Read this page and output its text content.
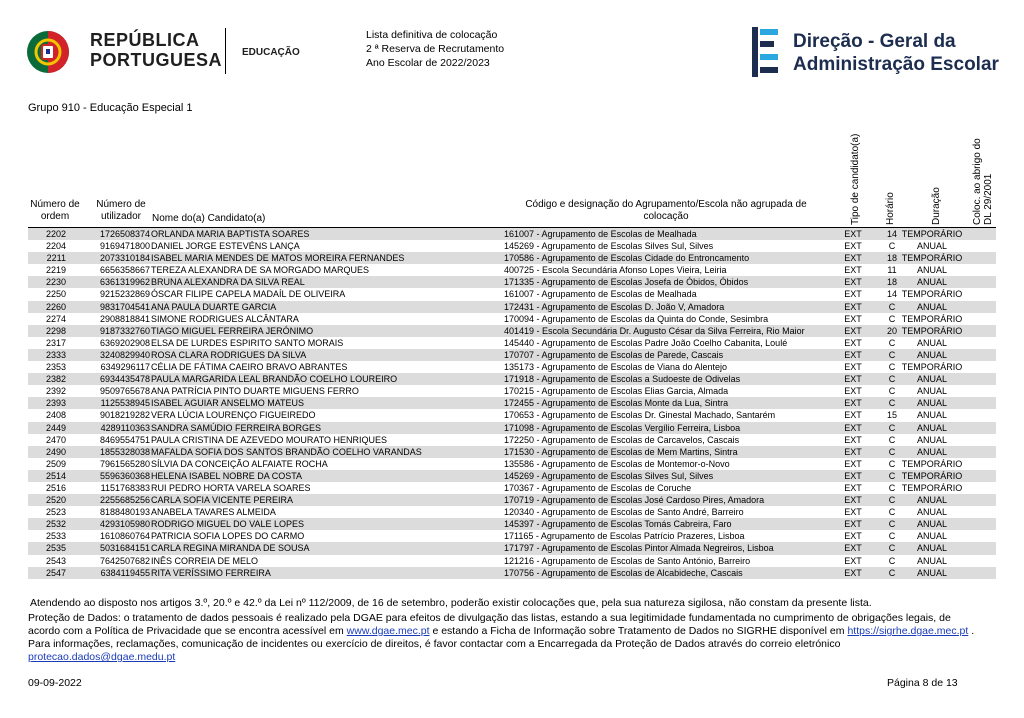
REPÚBLICA
PORTUGUESA EDUCAÇÃO
Lista definitiva de colocação
2 ª Reserva de Recrutamento
Ano Escolar de 2022/2023
Direção - Geral da
Administração Escolar
Grupo 910 - Educação Especial 1
Número de ordem
Número de utilizador	Nome do(a) Candidato(a)
Código e designação do Agrupamento/Escola não agrupada de colocação	Tipo de candidato(a) Horário	Duração	Coloc. ao abrigo do DL 29/2001
2202	1726508374 ORLANDA MARIA BAPTISTA SOARES	161007 - Agrupamento de Escolas de Mealhada	EXT	14 TEMPORÁRIO
2204	9169471800 DANIEL JORGE ESTEVÉNS LANÇA	145269 - Agrupamento de Escolas Silves Sul, Silves	EXT	C	ANUAL
2211	2073310184 ISABEL MARIA MENDES DE MATOS MOREIRA FERNANDES	170586 - Agrupamento de Escolas Cidade do Entroncamento	EXT	18 TEMPORÁRIO
2219	6656358667 TEREZA ALEXANDRA DE SA MORGADO MARQUES	400725 - Escola Secundária Afonso Lopes Vieira, Leiria	EXT	11	ANUAL
2230	6361319962 BRUNA ALEXANDRA DA SILVA REAL	171335 - Agrupamento de Escolas Josefa de Óbidos, Óbidos	EXT	18	ANUAL
2250	9215232869 ÓSCAR FILIPE CAPELA MADAÍL DE OLIVEIRA	161007 - Agrupamento de Escolas de Mealhada	EXT	14 TEMPORÁRIO
2260	9831704541 ANA PAULA DUARTE GARCIA	172431 - Agrupamento de Escolas D. João V, Amadora	EXT	C	ANUAL
2274	2908818841 SIMONE RODRIGUES ALCÂNTARA	170094 - Agrupamento de Escolas da Quinta do Conde, Sesimbra	EXT	C TEMPORÁRIO
2298	9187332760 TIAGO MIGUEL FERREIRA JERÓNIMO	401419 - Escola Secundária Dr. Augusto César da Silva Ferreira, Rio Maior	EXT	20 TEMPORÁRIO
2317	6369202908 ELSA DE LURDES ESPIRITO SANTO MORAIS	145440 - Agrupamento de Escolas Padre João Coelho Cabanita, Loulé	EXT	C	ANUAL
2333	3240829940 ROSA CLARA RODRIGUES DA SILVA	170707 - Agrupamento de Escolas de Parede, Cascais	EXT	C	ANUAL
2353	6349296117 CÉLIA DE FÁTIMA CAEIRO BRAVO ABRANTES	135173 - Agrupamento de Escolas de Viana do Alentejo	EXT	C TEMPORÁRIO
2382	6934435478 PAULA MARGARIDA LEAL BRANDÃO COELHO LOUREIRO	171918 - Agrupamento de Escolas a Sudoeste de Odivelas	EXT	C	ANUAL
2392	9509765678 ANA PATRÍCIA PINTO DUARTE MIGUENS FERRO	170215 - Agrupamento de Escolas Elias Garcia, Almada	EXT	C	ANUAL
2393	1125538945 ISABEL AGUIAR ANSELMO MATEUS	172455 - Agrupamento de Escolas Monte da Lua, Sintra	EXT	C	ANUAL
2408	9018219282 VERA LÚCIA LOURENÇO FIGUEIREDO	170653 - Agrupamento de Escolas Dr. Ginestal Machado, Santarém	EXT	15	ANUAL
2449	4289110363 SANDRA SAMÚDIO FERREIRA BORGES	171098 - Agrupamento de Escolas Vergílio Ferreira, Lisboa	EXT	C	ANUAL
2470	8469554751 PAULA CRISTINA DE AZEVEDO MOURATO HENRIQUES	172250 - Agrupamento de Escolas de Carcavelos, Cascais	EXT	C	ANUAL
2490	1855328038 MAFALDA SOFIA DOS SANTOS BRANDÃO COELHO VARANDAS	171530 - Agrupamento de Escolas de Mem Martins, Sintra	EXT	C	ANUAL
2509	7961565280 SÍLVIA DA CONCEIÇÃO ALFAIATE ROCHA	135586 - Agrupamento de Escolas de Montemor-o-Novo	EXT	C TEMPORÁRIO
2514	5596360368 HELENA ISABEL NOBRE DA COSTA	145269 - Agrupamento de Escolas Silves Sul, Silves	EXT	C TEMPORÁRIO
2516	1151768383 RUI PEDRO HORTA VARELA SOARES	170367 - Agrupamento de Escolas de Coruche	EXT	C TEMPORÁRIO
2520	2255685256 CARLA SOFIA VICENTE PEREIRA	170719 - Agrupamento de Escolas José Cardoso Pires, Amadora	EXT	C	ANUAL
2523	8188480193 ANABELA TAVARES ALMEIDA	120340 - Agrupamento de Escolas de Santo André, Barreiro	EXT	C	ANUAL
2532	4293105980 RODRIGO MIGUEL DO VALE LOPES	145397 - Agrupamento de Escolas Tomás Cabreira, Faro	EXT	C	ANUAL
2533	1610860764 PATRICIA SOFIA LOPES DO CARMO	171165 - Agrupamento de Escolas Patrício Prazeres, Lisboa	EXT	C	ANUAL
2535	5031684151 CARLA REGINA MIRANDA DE SOUSA	171797 - Agrupamento de Escolas Pintor Almada Negreiros, Lisboa	EXT	C	ANUAL
2543	7642507682 INÊS CORREIA DE MELO	121216 - Agrupamento de Escolas de Santo António, Barreiro	EXT	C	ANUAL
2547	6384119455 RITA VERÍSSIMO FERREIRA	170756 - Agrupamento de Escolas de Alcabideche, Cascais	EXT	C	ANUAL
Atendendo ao disposto nos artigos 3.º, 20.º e 42.º da Lei nº 112/2009, de 16 de setembro, poderão existir colocações que, pela sua natureza sigilosa, não constam da presente lista.
Proteção de Dados: o tratamento de dados pessoais é realizado pela DGAE para efeitos de divulgação das listas, estando a sua legitimidade fundamentada no cumprimento de obrigações legais, de acordo com a Política de Privacidade que se encontra acessível em www.dgae.mec.pt e estando a Ficha de Informação sobre Tratamento de Dados no SIGRHE disponível em https://sigrhe.dgae.mec.pt . Para informações, reclamações, comunicação de incidentes ou exercício de direitos, é favor contactar com a Encarregada da Proteção de Dados através do correio eletrónico protecao.dados@dgae.medu.pt
09-09-2022	Página 8 de 13
